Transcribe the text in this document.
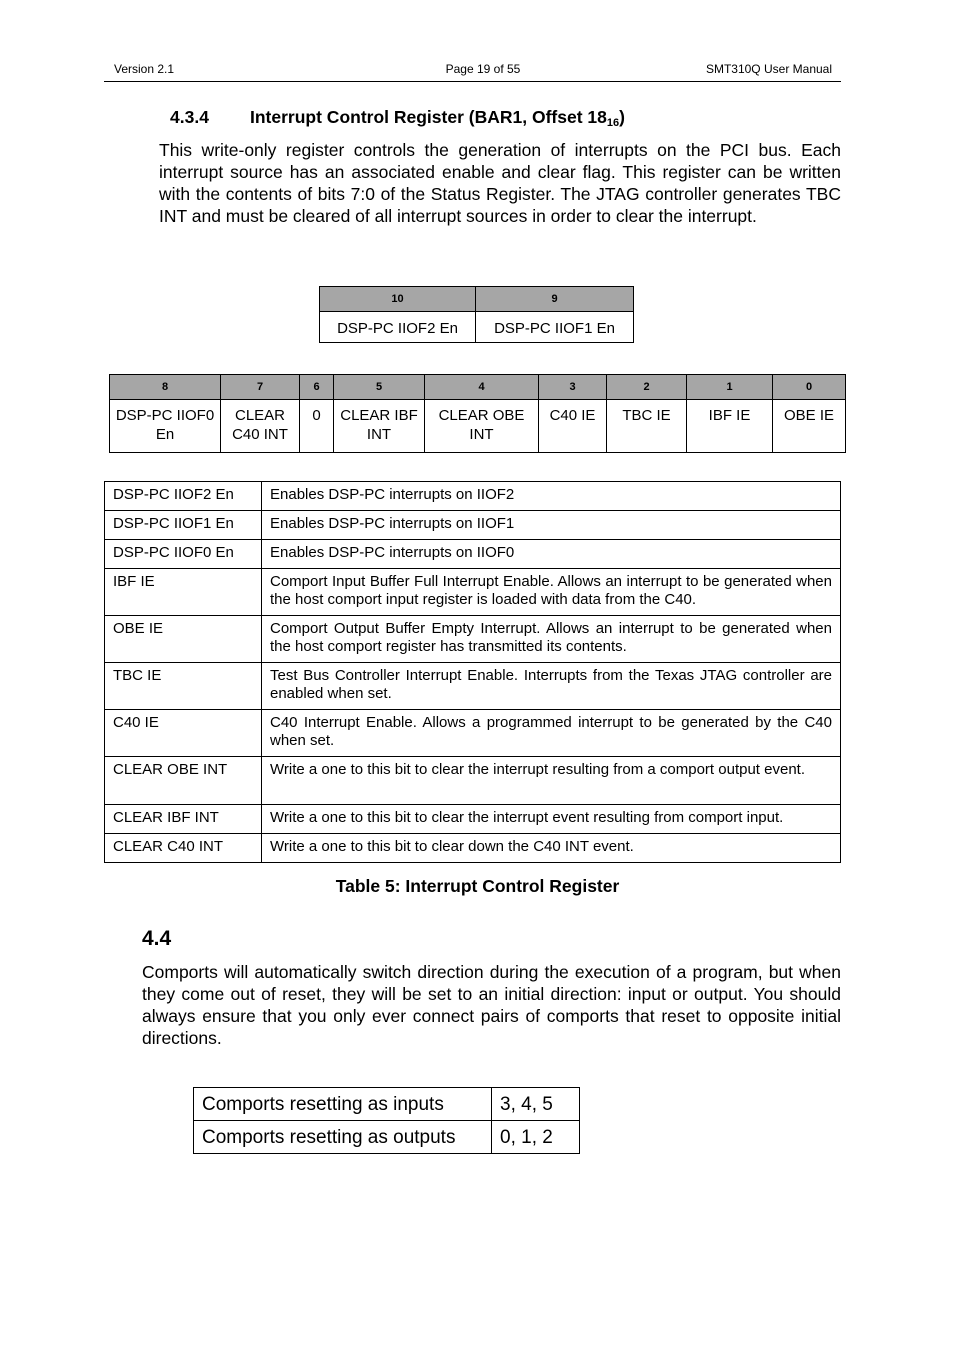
Version 2.1	Page 19 of 55	SMT310Q User Manual
4.3.4 Interrupt Control Register (BAR1, Offset $18_{16}$)
This write-only register controls the generation of interrupts on the PCI bus. Each interrupt source has an associated enable and clear flag. This register can be written with the contents of bits 7:0 of the Status Register. The JTAG controller generates TBC INT and must be cleared of all interrupt sources in order to clear the interrupt.
10	9
DSP-PC IIOF2 En	DSP-PC IIOF1 En
8	7	6	5	4	3	2	1	0
DSP-PC IIOF0 En	CLEAR C40 INT	0	CLEAR IBF INT	CLEAR OBE INT	C40 IE	TBC IE	IBF IE	OBE IE
DSP-PC IIOF2 En	Enables DSP-PC interrupts on IIOF2
DSP-PC IIOF1 En	Enables DSP-PC interrupts on IIOF1
DSP-PC IIOF0 En	Enables DSP-PC interrupts on IIOF0
IBF IE	Comport Input Buffer Full Interrupt Enable. Allows an interrupt to be generated when the host comport input register is loaded with data from the C40.
OBE IE	Comport Output Buffer Empty Interrupt. Allows an interrupt to be generated when the host comport register has transmitted its contents.
TBC IE	Test Bus Controller Interrupt Enable. Interrupts from the Texas JTAG controller are enabled when set.
C40 IE	C40 Interrupt Enable. Allows a programmed interrupt to be generated by the C40 when set.
CLEAR OBE INT	Write a one to this bit to clear the interrupt resulting from a comport output event.
CLEAR IBF INT	Write a one to this bit to clear the interrupt event resulting from comport input.
CLEAR C40 INT	Write a one to this bit to clear down the C40 INT event.
Table 5: Interrupt Control Register
4.4
Comports will automatically switch direction during the execution of a program, but when they come out of reset, they will be set to an initial direction: input or output. You should always ensure that you only ever connect pairs of comports that reset to opposite initial directions.
Comports resetting as inputs	3, 4, 5
Comports resetting as outputs	0, 1, 2
